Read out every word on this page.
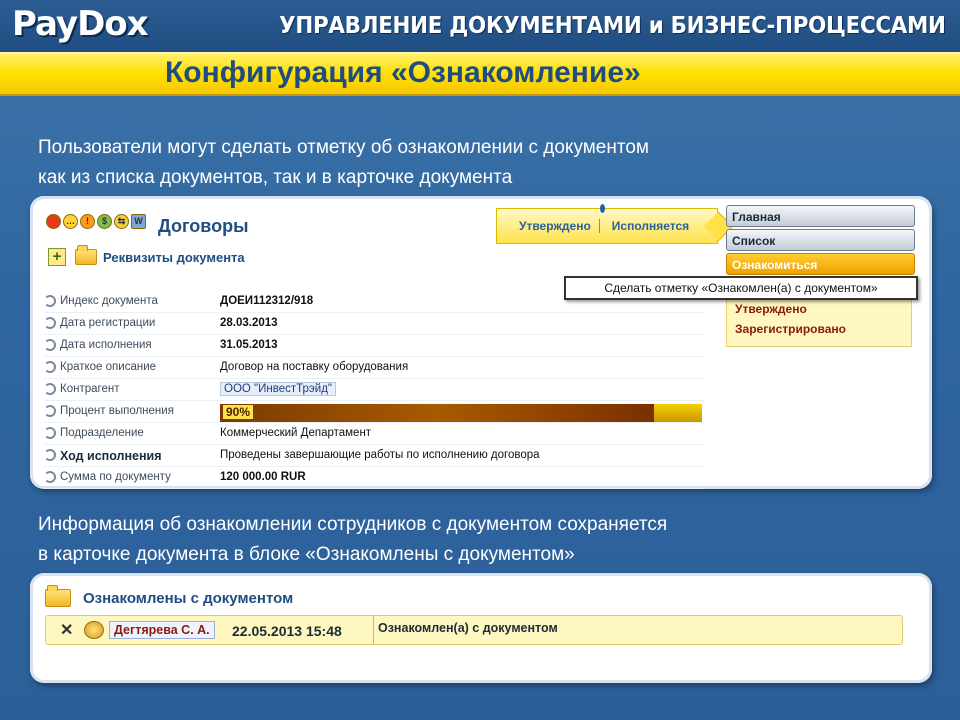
PayDox	УПРАВЛЕНИЕ ДОКУМЕНТАМИ и БИЗНЕС-ПРОЦЕССАМИ
Конфигурация «Ознакомление»
Пользователи могут сделать отметку об ознакомлении с документом
как из списка документов, так и в карточке документа
…	!	$	⇆ W Договоры
+	Реквизиты документа
Утверждено	Исполняется
Главная
Список
Ознакомиться
Утверждено
Зарегистрировано
Сделать отметку «Ознакомлен(а) с документом»
Индекс документа	ДОЕИ112312/918
Дата регистрации	28.03.2013
Дата исполнения	31.05.2013
Краткое описание	Договор на поставку оборудования
Контрагент	ООО "ИнвестТрэйд"
Процент выполнения	90%
Подразделение	Коммерческий Департамент
Ход исполнения	Проведены завершающие работы по исполнению договора
Сумма по документу	120 000.00 RUR
Информация об ознакомлении сотрудников с документом сохраняется
в карточке документа в блоке «Ознакомлены с документом»
Ознакомлены с документом
✕	Дегтярева С. А.	22.05.2013 15:48	Ознакомлен(а) с документом
